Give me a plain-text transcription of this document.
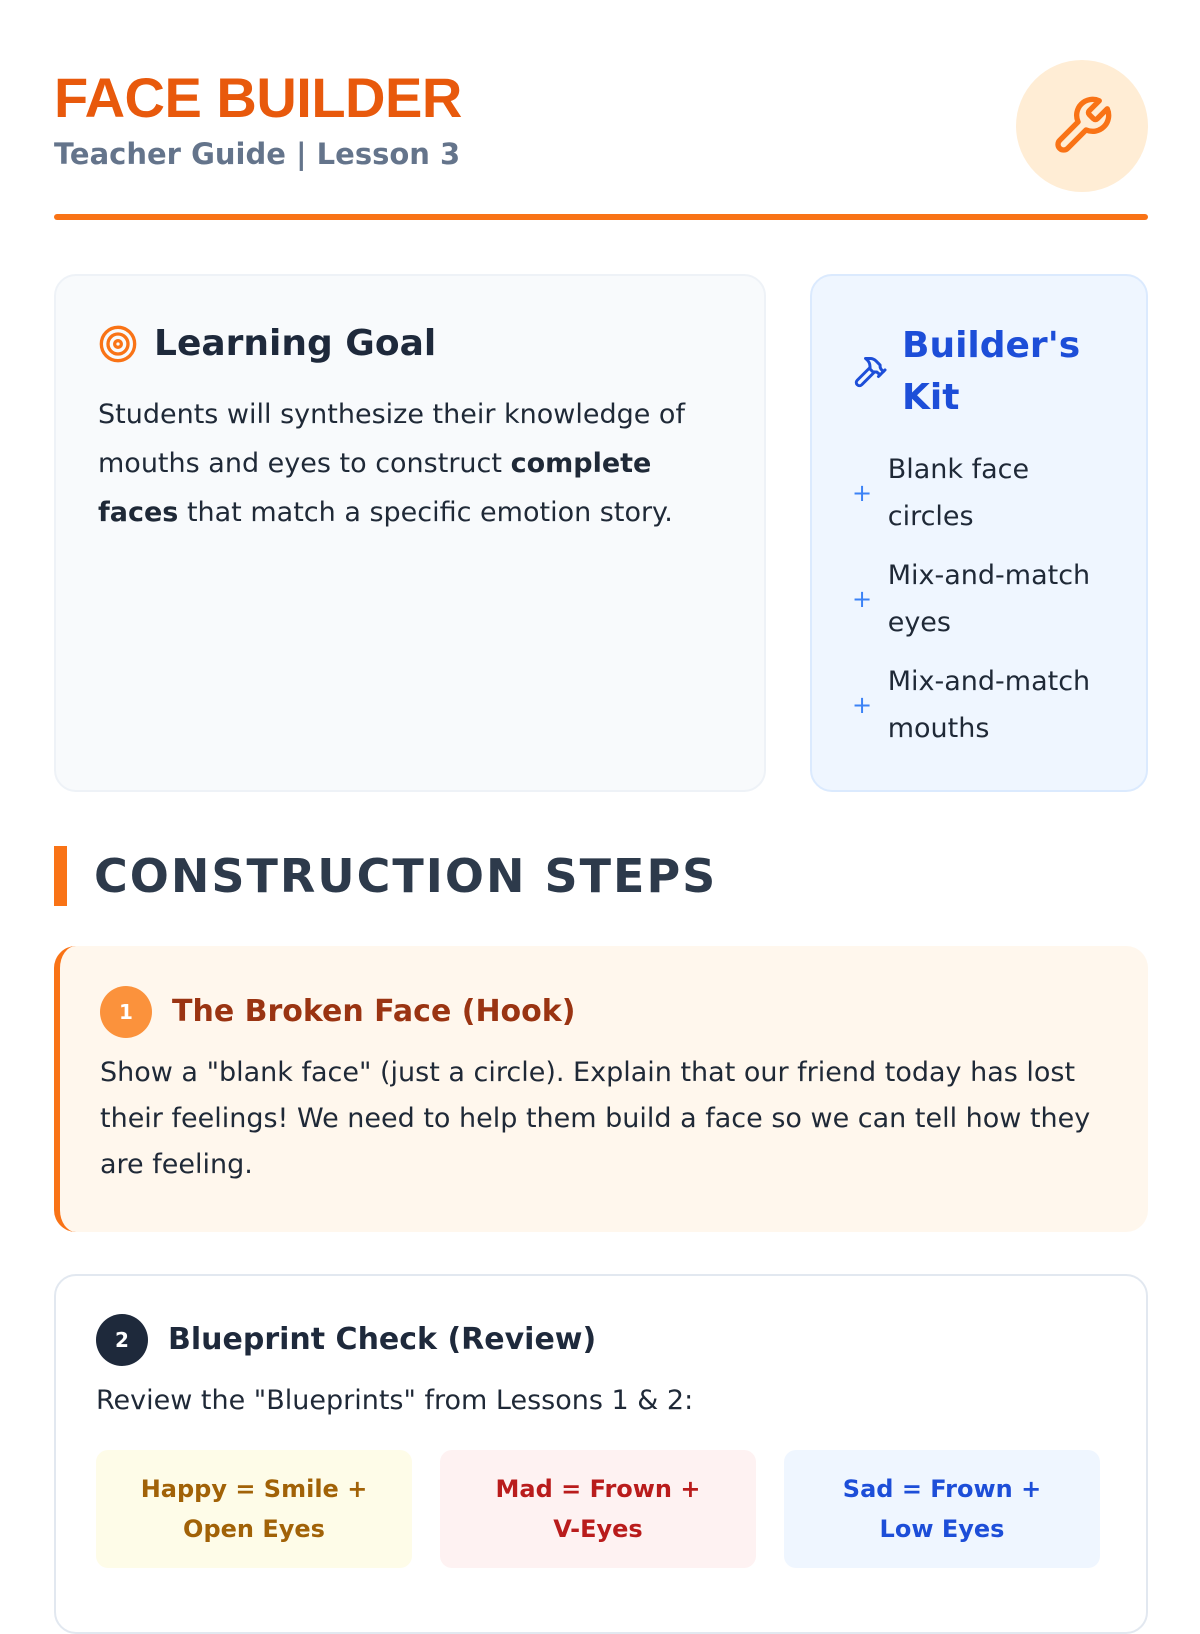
FACE BUILDER
Teacher Guide | Lesson 3
Learning Goal
Students will synthesize their knowledge of mouths and eyes to construct complete faces that match a specific emotion story.
Builder's Kit
+
Blank face circles
+
Mix-and-match eyes
+
Mix-and-match mouths
CONSTRUCTION STEPS
1	The Broken Face (Hook)
Show a "blank face" (just a circle). Explain that our friend today has lost their feelings! We need to help them build a face so we can tell how they are feeling.
2	Blueprint Check (Review)
Review the "Blueprints" from Lessons 1 & 2:
Happy = Smile + Open Eyes
Mad = Frown + V-Eyes
Sad = Frown + Low Eyes
